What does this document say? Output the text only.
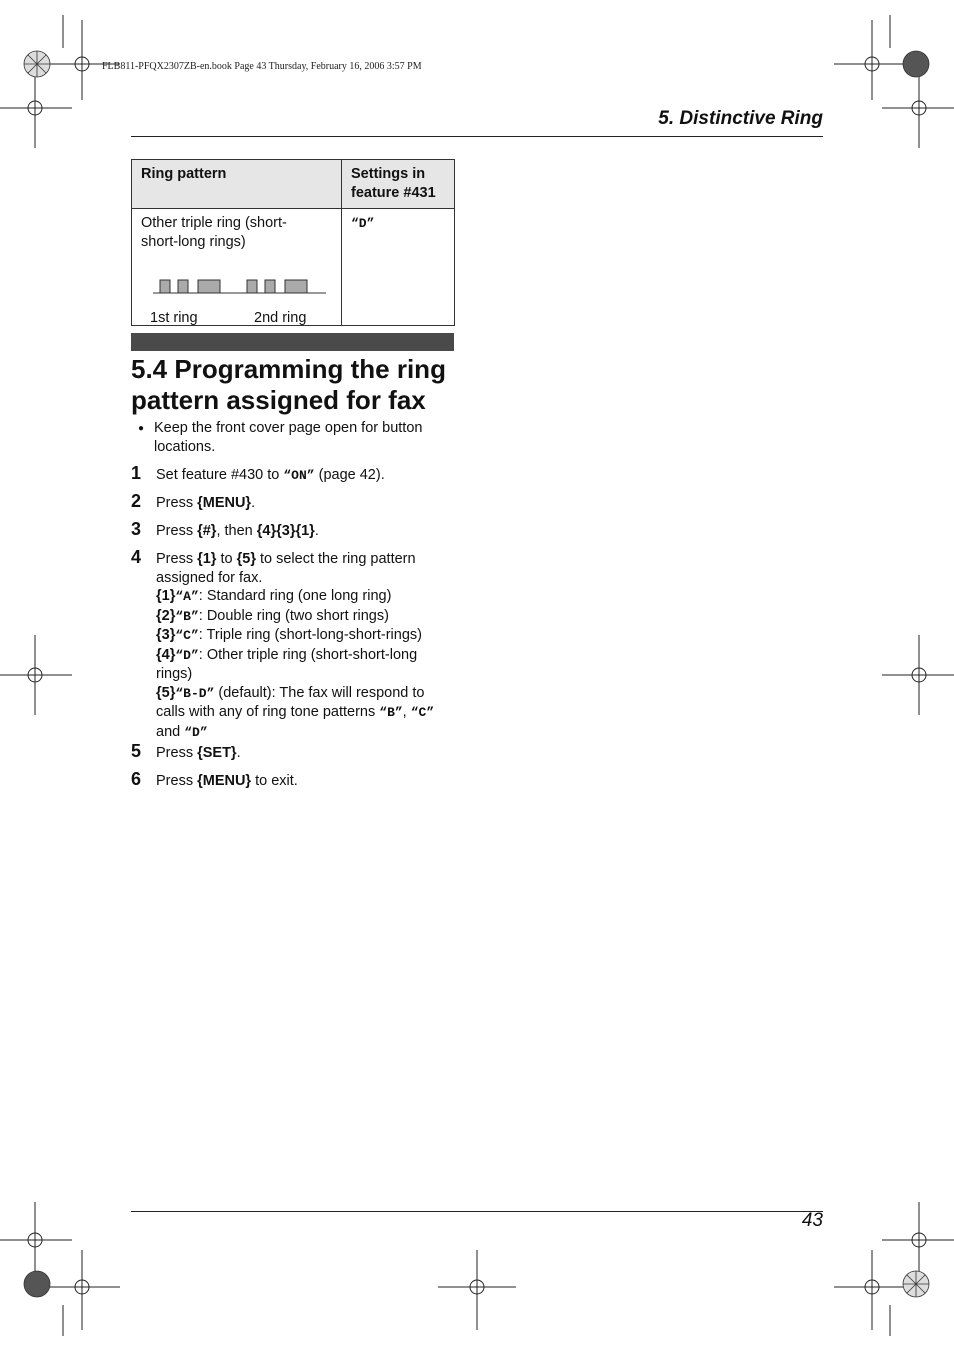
FLB811-PFQX2307ZB-en.book Page 43 Thursday, February 16, 2006 3:57 PM
5. Distinctive Ring
Ring pattern	Settings in feature #431

Other triple ring (short-short-long rings)
1st ring 2nd ring	“D”
5.4 Programming the ring pattern assigned for fax
● Keep the front cover page open for button locations.
1 Set feature #430 to “ON” (page 42).
2 Press {MENU}.
3 Press {#}, then {4}{3}{1}.
4 Press {1} to {5} to select the ring pattern assigned for fax.
{1}“A”: Standard ring (one long ring)
{2}“B”: Double ring (two short rings)
{3}“C”: Triple ring (short-long-short-rings)
{4}“D”: Other triple ring (short-short-long rings)
{5}“B-D” (default): The fax will respond to calls with any of ring tone patterns “B”, “C” and “D”
5 Press {SET}.
6 Press {MENU} to exit.
43
